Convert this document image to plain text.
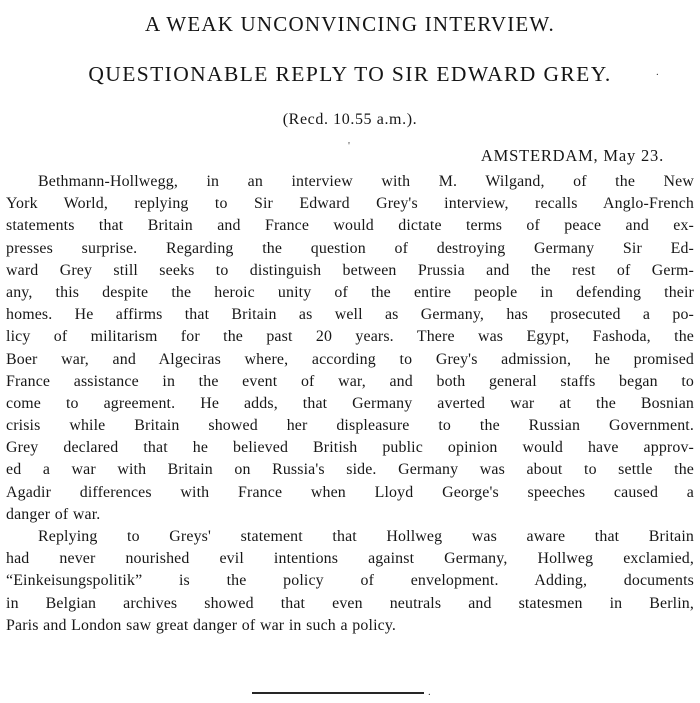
A WEAK UNCONVINCING INTERVIEW.
QUESTIONABLE REPLY TO SIR EDWARD GREY.
(Recd. 10.55 a.m.).
AMSTERDAM, May 23.
Bethmann-Hollwegg, in an interview with M. Wilgand, of the New
York World, replying to Sir Edward Grey's interview, recalls Anglo-French
statements that Britain and France would dictate terms of peace and ex-
presses surprise. Regarding the question of destroying Germany Sir Ed-
ward Grey still seeks to distinguish between Prussia and the rest of Germ-
any, this despite the heroic unity of the entire people in defending their
homes. He affirms that Britain as well as Germany, has prosecuted a po-
licy of militarism for the past 20 years. There was Egypt, Fashoda, the
Boer war, and Algeciras where, according to Grey's admission, he promised
France assistance in the event of war, and both general staffs began to
come to agreement. He adds, that Germany averted war at the Bosnian
crisis while Britain showed her displeasure to the Russian Government.
Grey declared that he believed British public opinion would have approv-
ed a war with Britain on Russia's side. Germany was about to settle the
Agadir differences with France when Lloyd George's speeches caused a
danger of war.
Replying to Greys' statement that Hollweg was aware that Britain
had never nourished evil intentions against Germany, Hollweg exclamied,
“Einkeisungspolitik” is the policy of envelopment. Adding, documents
in Belgian archives showed that even neutrals and statesmen in Berlin,
Paris and London saw great danger of war in such a policy.
'
.
.
